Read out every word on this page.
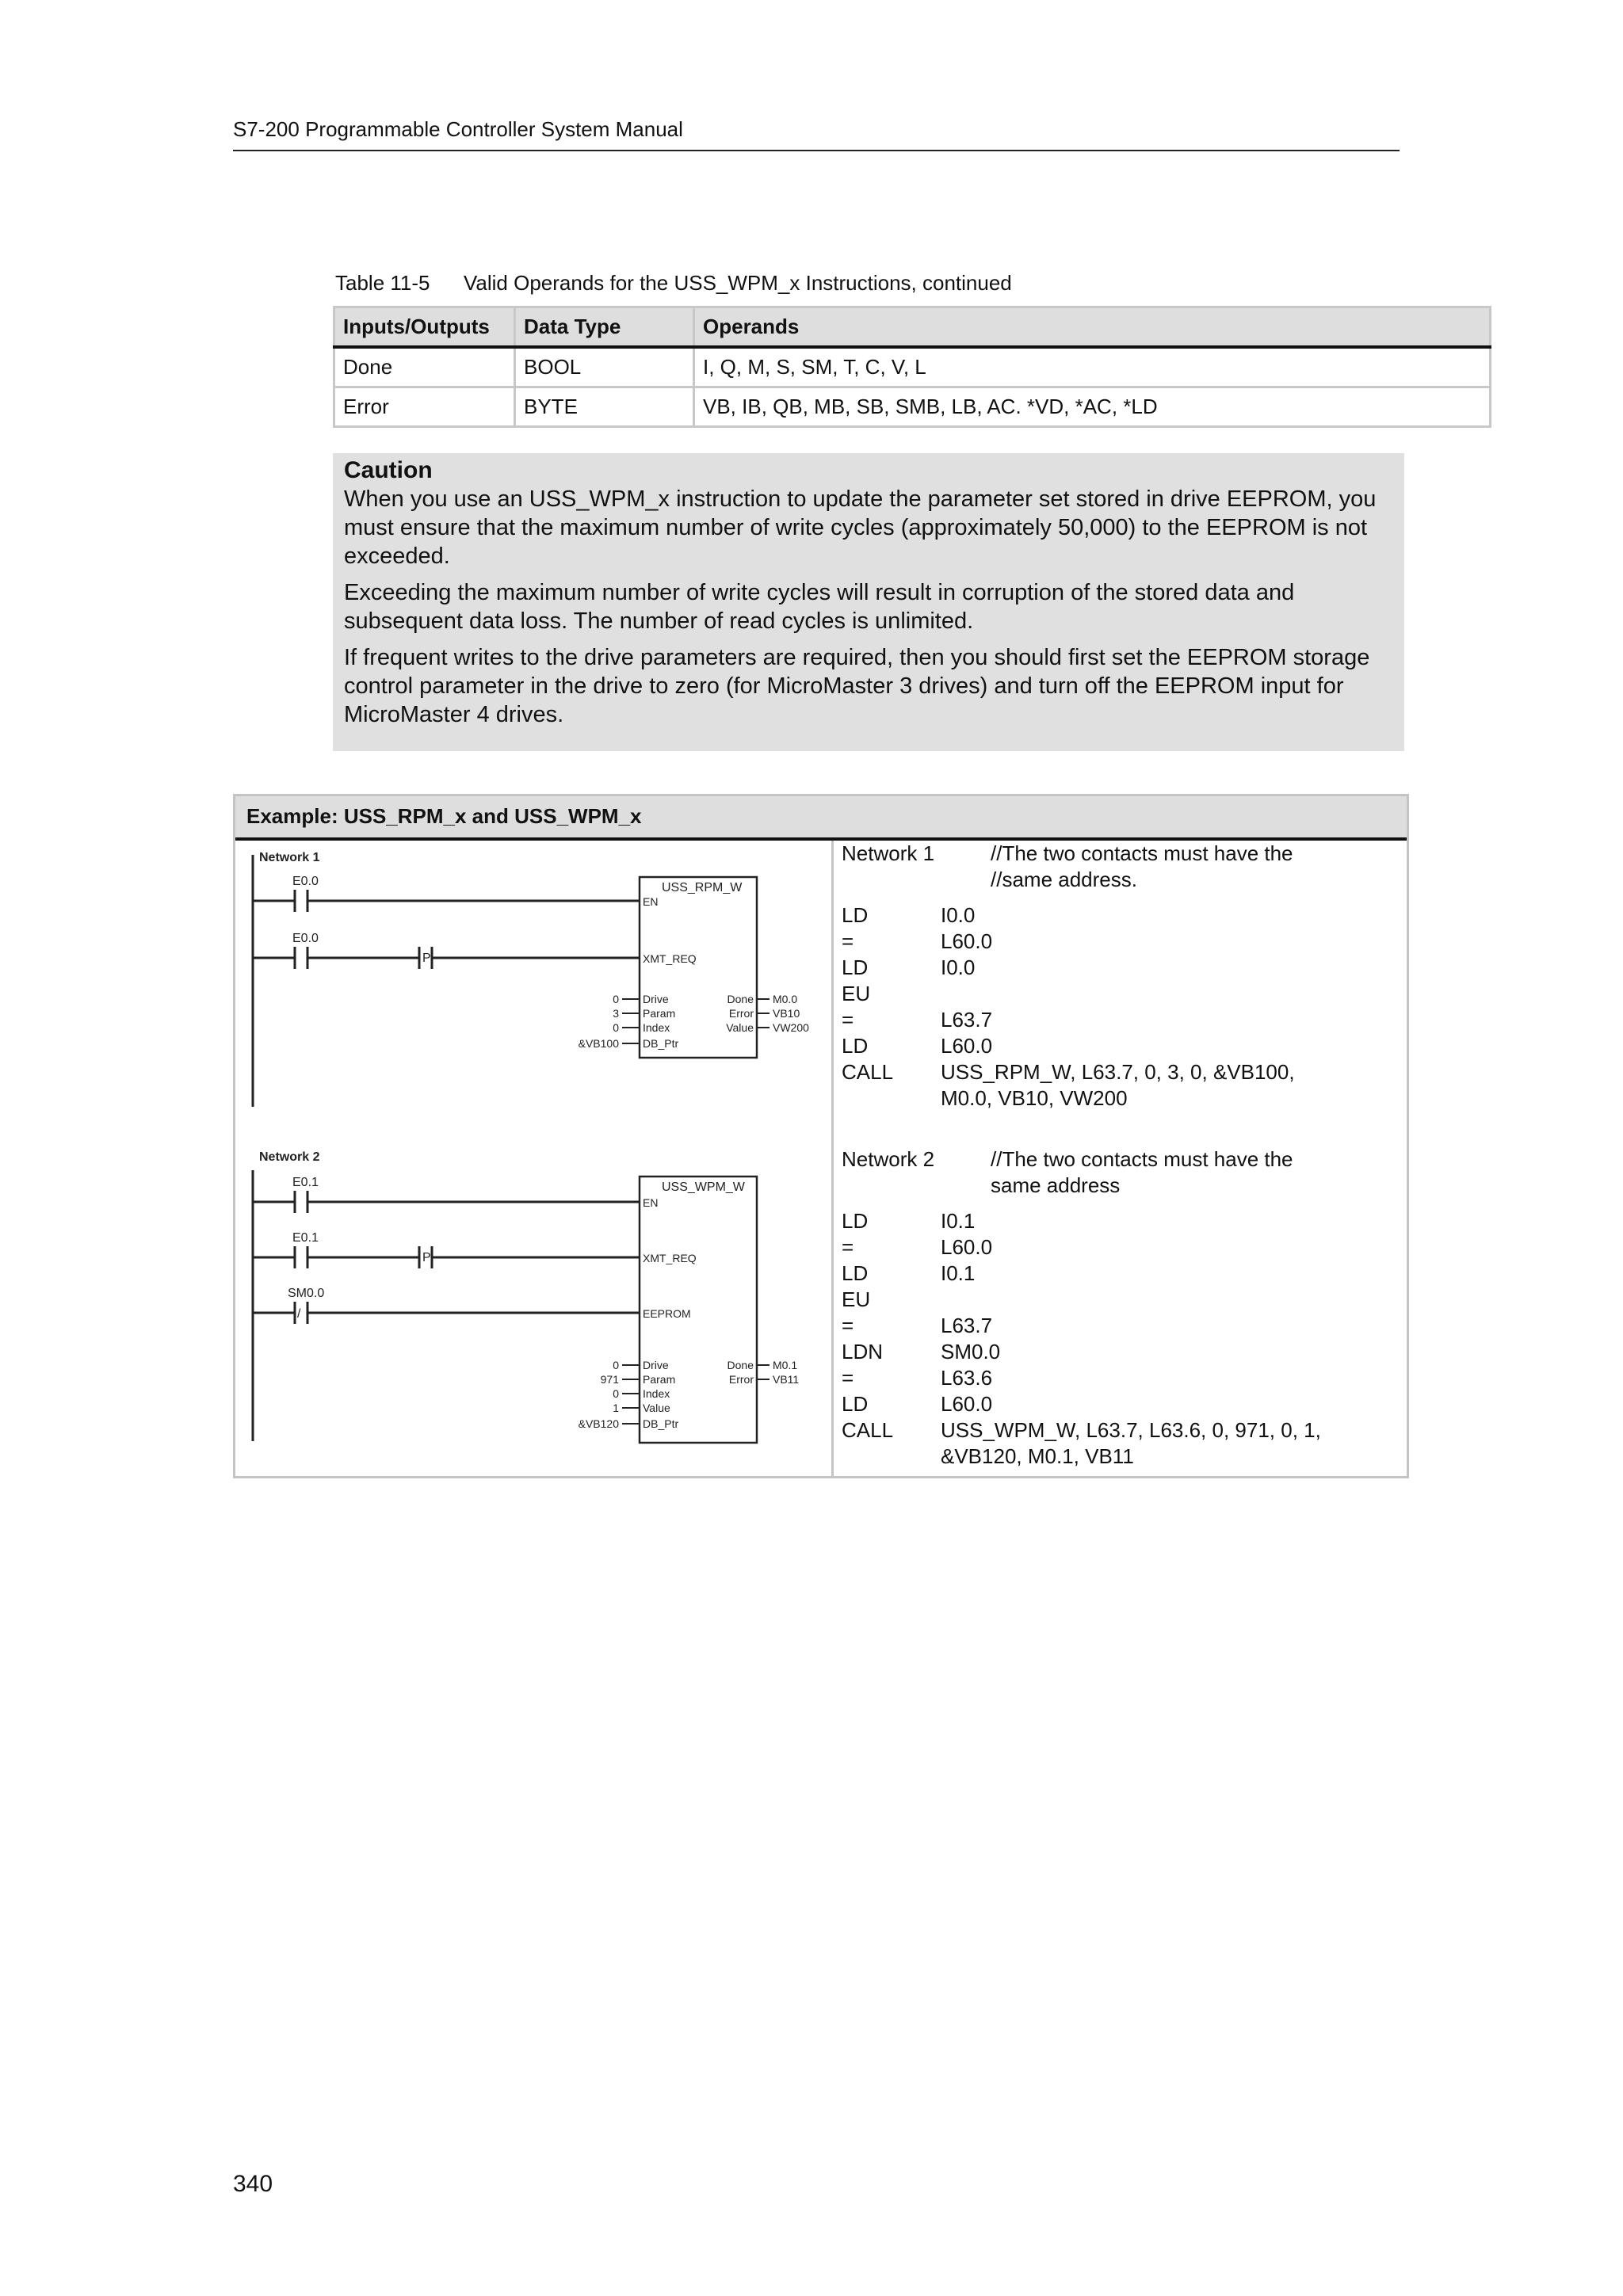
S7-200 Programmable Controller System Manual
Table 11-5 Valid Operands for the USS_WPM_x Instructions, continued
Inputs/Outputs	Data Type	Operands
Done	BOOL	I, Q, M, S, SM, T, C, V, L
Error	BYTE	VB, IB, QB, MB, SB, SMB, LB, AC. *VD, *AC, *LD
Caution

When you use an USS_WPM_x instruction to update the parameter set stored in drive EEPROM, you must ensure that the maximum number of write cycles (approximately 50,000) to the EEPROM is not exceeded.

Exceeding the maximum number of write cycles will result in corruption of the stored data and subsequent data loss. The number of read cycles is unlimited.

If frequent writes to the drive parameters are required, then you should first set the EEPROM storage control parameter in the drive to zero (for MicroMaster 3 drives) and turn off the EEPROM input for MicroMaster 4 drives.

Example: USS_RPM_x and USS_WPM_x
Network 1
E0.0
E0.0
P
USS_RPM_W
EN
XMT_REQ
Drive
Param
Index
DB_Ptr
0
3
0
&VB100
Done
Error
Value
M0.0
VB10
VW200
Network 2
E0.1
E0.1
SM0.0
P
/
USS_WPM_W
EN
XMT_REQ
EEPROM
Drive
Param
Index
Value
DB_Ptr
0
971
0
1
&VB120
Done
Error
M0.1
VB11
Network 1	//The two contacts must have the
//same address.
LD	I0.0
=	L60.0
LD	I0.0
EU
=	L63.7
LD	L60.0
CALL	USS_RPM_W, L63.7, 0, 3, 0, &VB100,
M0.0, VB10, VW200
Network 2	//The two contacts must have the
same address
LD	I0.1
=	L60.0
LD	I0.1
EU
=	L63.7
LDN	SM0.0
=	L63.6
LD	L60.0
CALL	USS_WPM_W, L63.7, L63.6, 0, 971, 0, 1,
&VB120, M0.1, VB11
340
